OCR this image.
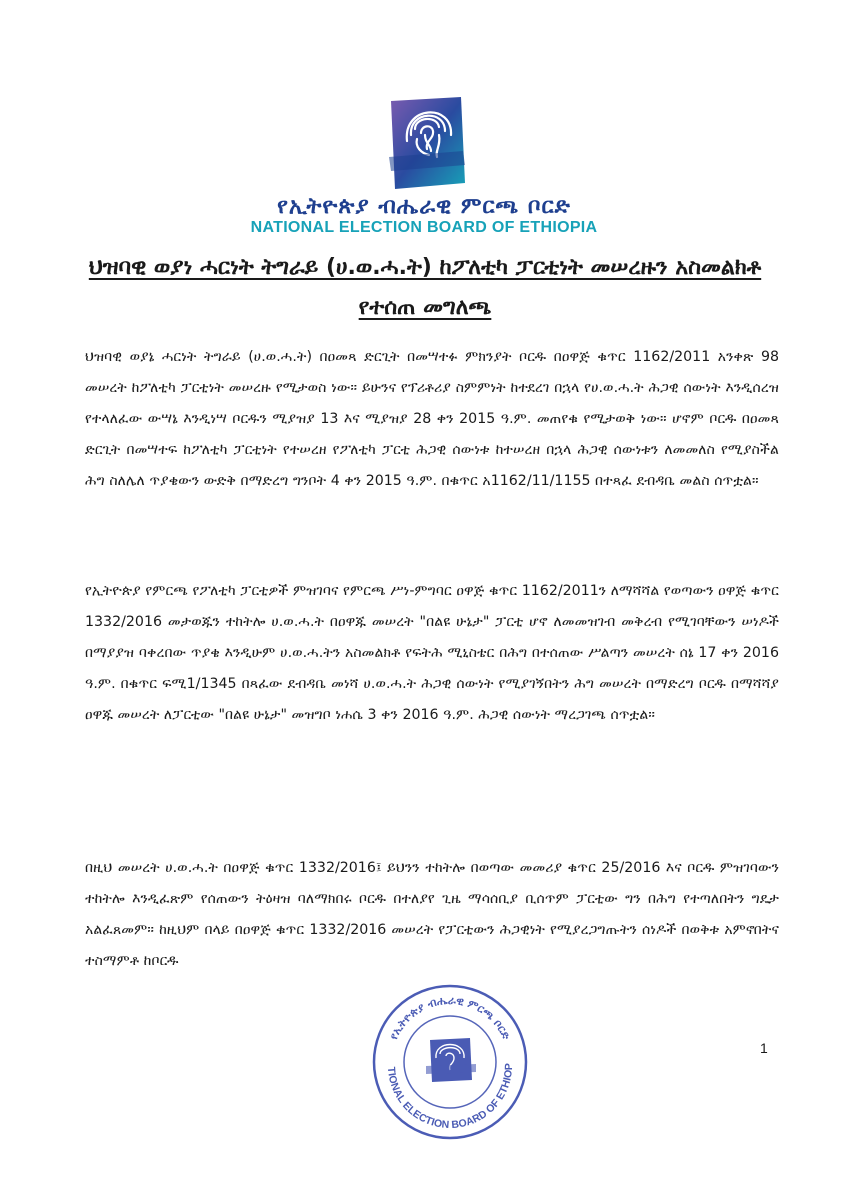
የኢትዮጵያ ብሔራዊ ምርጫ ቦርድ
NATIONAL ELECTION BOARD OF ETHIOPIA
ህዝባዊ ወያነ ሓርነት ትግራይ (ሀ.ወ.ሓ.ት) ከፖለቲካ ፓርቲነት መሠረዙን አስመልክቶ የተሰጠ መግለጫ

ህዝባዊ ወያኔ ሓርነት ትግራይ (ሀ.ወ.ሓ.ት) በዐመጻ ድርጊት በመሣተፉ ምክንያት ቦርዱ በዐዋጅ ቁጥር 1162/2011 አንቀጽ 98 መሠረት ከፖለቲካ ፓርቲነት መሠረዙ የሚታወስ ነው። ይሁንና የፕሪቶሪያ ስምምነት ከተደረገ በኋላ የሀ.ወ.ሓ.ት ሕጋዊ ሰውነት እንዲሰረዝ የተላለፈው ውሣኔ እንዲነሣ ቦርዱን ሚያዝያ 13 እና ሚያዝያ 28 ቀን 2015 ዓ.ም. መጠየቁ የሚታወቅ ነው። ሆኖም ቦርዱ በዐመጻ ድርጊት በመሣተፍ ከፖለቲካ ፓርቲነት የተሠረዘ የፖለቲካ ፓርቲ ሕጋዊ ሰውነቱ ከተሠረዘ በኋላ ሕጋዊ ሰውነቱን ለመመለስ የሚያስችል ሕግ ስለሌለ ጥያቄውን ውድቅ በማድረግ ግንቦት 4 ቀን 2015 ዓ.ም. በቁጥር አ1162/11/1155 በተጻፈ ደብዳቤ መልስ ሰጥቷል።

የኢትዮጵያ የምርጫ የፖለቲካ ፓርቲዎች ምዝገባና የምርጫ ሥነ-ምግባር ዐዋጅ ቁጥር 1162/2011ን ለማሻሻል የወጣውን ዐዋጅ ቁጥር 1332/2016 መታወጁን ተከትሎ ሀ.ወ.ሓ.ት በዐዋጁ መሠረት "በልዩ ሁኔታ" ፓርቲ ሆኖ ለመመዝገብ መቅረብ የሚገባቸውን ሠነዶች በማያያዝ ባቀረበው ጥያቄ እንዲሁም ሀ.ወ.ሓ.ትን አስመልክቶ የፍትሕ ሚኒስቴር በሕግ በተሰጠው ሥልጣን መሠረት ሰኔ 17 ቀን 2016 ዓ.ም. በቁጥር ፍሚ1/1345 በጻፈው ደብዳቤ መነሻ ሀ.ወ.ሓ.ት ሕጋዊ ሰውነት የሚያገኝበትን ሕግ መሠረት በማድረግ ቦርዱ በማሻሻያ ዐዋጁ መሠረት ለፓርቲው "በልዩ ሁኔታ" መዝግቦ ነሐሴ 3 ቀን 2016 ዓ.ም. ሕጋዊ ሰውነት ማረጋገጫ ሰጥቷል።

በዚህ መሠረት ሀ.ወ.ሓ.ት በዐዋጅ ቁጥር 1332/2016፤ ይህንን ተከትሎ በወጣው መመሪያ ቁጥር 25/2016 እና ቦርዱ ምዝገባውን ተከትሎ እንዲፈጽም የሰጠውን ትዕዛዝ ባለማክበሩ ቦርዱ በተለያየ ጊዜ ማሳሰቢያ ቢሰጥም ፓርቲው ግን በሕግ የተጣለበትን ግዴታ አልፈጸመም። ከዚህም በላይ በዐዋጅ ቁጥር 1332/2016 መሠረት የፓርቲውን ሕጋዊነት የሚያረጋግጡትን ሰነዶች በወቅቱ አምኖበትና ተስማምቶ ከቦርዱ

የኢትዮጵያ ብሔራዊ ምርጫ ቦርድ
TIONAL ELECTION BOARD OF ETHIOP
1
